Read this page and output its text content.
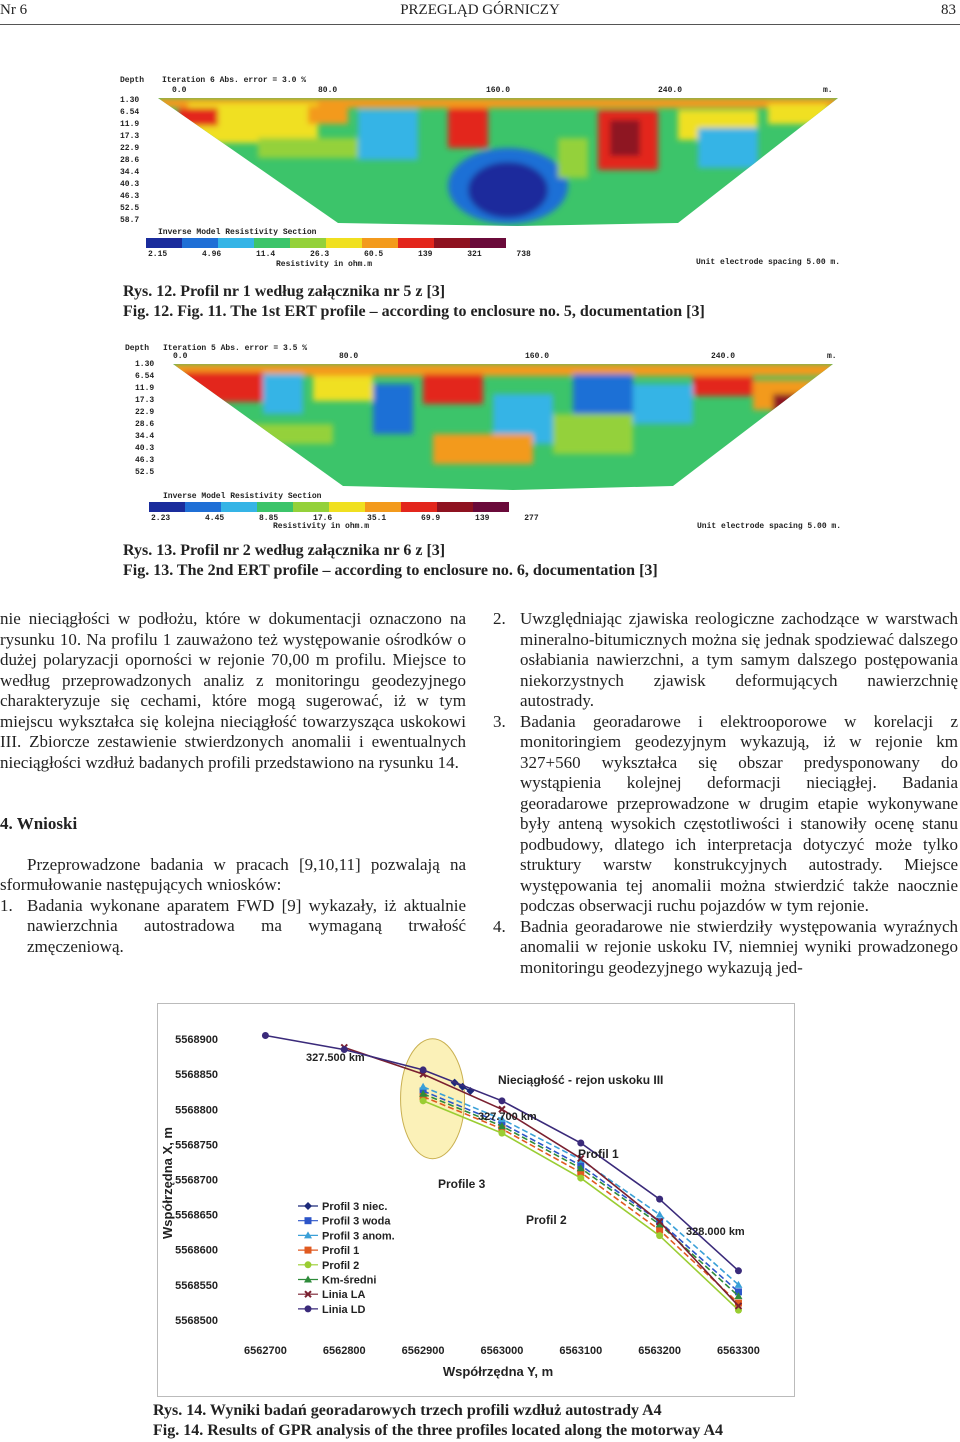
Nr 6	PRZEGLĄD GÓRNICZY	83
Depth Iteration 6 Abs. error = 3.0 %
0.0	80.0	160.0	240.0	m.
1.30
6.54
11.9
17.3
22.9
28.6
34.4
40.3
46.3
52.5
58.7
Inverse Model Resistivity Section
2.15 4.96 11.4 26.3 60.5 139 321 738
Resistivity in ohm.m	Unit electrode spacing 5.00 m.
Rys. 12. Profil nr 1 według załącznika nr 5 z [3]
Fig. 12. Fig. 11. The 1st ERT profile – according to enclosure no. 5, documentation [3]
Depth Iteration 5 Abs. error = 3.5 %
0.0	80.0	160.0	240.0	m.
1.30
6.54
11.9
17.3
22.9
28.6
34.4
40.3
46.3
52.5
Inverse Model Resistivity Section
2.23 4.45 8.85 17.6 35.1 69.9 139 277
Resistivity in ohm.m	Unit electrode spacing 5.00 m.
Rys. 13. Profil nr 2 według załącznika nr 6 z [3]
Fig. 13. The 2nd ERT profile – according to enclosure no. 6, documentation [3]

nie nieciągłości w podłożu, które w dokumentacji oznaczono na rysunku 10. Na profilu 1 zauważono też występowanie ośrodków o dużej polaryzacji oporności w rejonie 70,00 m profilu. Miejsce to według przeprowadzonych analiz z monitoringu geodezyjnego charakteryzuje się cechami, które mogą sugerować, iż w tym miejscu wykształca się kolejna nieciągłość towarzysząca uskokowi III. Zbiorcze zestawienie stwierdzonych anomalii i ewentualnych nieciągłości wzdłuż badanych profili przedstawiono na rysunku 14.

4. Wnioski

Przeprowadzone badania w pracach [9,10,11] pozwalają na sformułowanie następujących wniosków:

1. Badania wykonane aparatem FWD [9] wykazały, iż aktualnie nawierzchnia autostradowa ma wymaganą trwałość zmęczeniową.
2. Uwzględniając zjawiska reologiczne zachodzące w warstwach mineralno-bitumicznych można się jednak spodziewać dalszego osłabiania nawierzchni, a tym samym dalszego postępowania niekorzystnych zjawisk deformujących nawierzchnię autostrady.
3. Badania georadarowe i elektrooporowe w korelacji z monitoringiem geodezyjnym wykazują, iż w rejonie km 327+560 wykształca się obszar predysponowany do wystąpienia kolejnej deformacji nieciągłej. Badania georadarowe przeprowadzone w drugim etapie wykonywane były anteną wysokich częstotliwości i stanowiły ocenę stanu podbudowy, dlatego ich interpretacja dotyczyć może tylko struktury warstw konstrukcyjnych autostrady. Miejsce występowania tej anomalii można stwierdzić także naocznie podczas obserwacji ruchu pojazdów w tym rejonie.
4. Badnia georadarowe nie stwierdziły występowania wyraźnych anomalii w rejonie uskoku IV, niemniej wyniki prowadzonego monitoringu geodezyjnego wykazują jed-
6562700	6562800	6562900	6563000	6563100	6563200	6563300
5568900
5568850
5568800
5568750
5568700
5568650
5568600
5568550
5568500
Współrzędna Y, m
Współrzędna X, m
327.500 km
327.700 km
328.000 km
Nieciągłość - rejon uskoku III
Profil 1
Profil 2
Profile 3
Profil 3 niec.
Profil 3 woda
Profil 3 anom.
Profil 1
Profil 2
Km-średni
Linia LA
Linia LD
Rys. 14. Wyniki badań georadarowych trzech profili wzdłuż autostrady A4
Fig. 14. Results of GPR analysis of the three profiles located along the motorway A4
